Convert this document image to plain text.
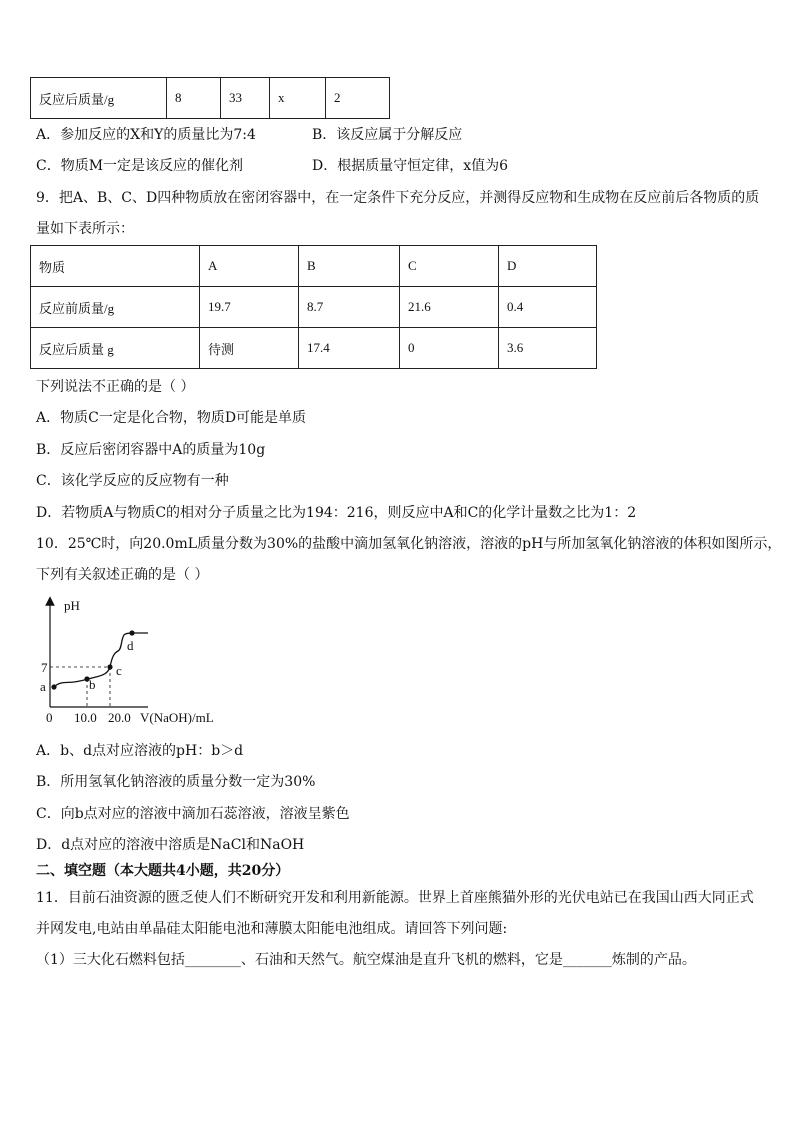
反应后质量/g	8	33	x	2
A．参加反应的X和Y的质量比为7:4	B．该反应属于分解反应
C．物质M一定是该反应的催化剂	D．根据质量守恒定律，x值为6
9．把A、B、C、D四种物质放在密闭容器中，在一定条件下充分反应，并测得反应物和生成物在反应前后各物质的质
量如下表所示：
物质	A	B	C	D
反应前质量/g	19.7	8.7	21.6	0.4
反应后质量 g	待测	17.4	0	3.6
下列说法不正确的是（ ）
A．物质C一定是化合物，物质D可能是单质
B．反应后密闭容器中A的质量为10g
C．该化学反应的反应物有一种
D．若物质A与物质C的相对分子质量之比为194：216，则反应中A和C的化学计量数之比为1：2
10．25℃时，向20.0mL质量分数为30%的盐酸中滴加氢氧化钠溶液，溶液的pH与所加氢氧化钠溶液的体积如图所示，
下列有关叙述正确的是（ ）
pH
0
7
10.0 20.0 V(NaOH)/mL
a	b
c
d
A．b、d点对应溶液的pH：b＞d
B．所用氢氧化钠溶液的质量分数一定为30%
C．向b点对应的溶液中滴加石蕊溶液，溶液呈紫色
D．d点对应的溶液中溶质是NaCl和NaOH
二、填空题（本大题共4小题，共20分）
11．目前石油资源的匮乏使人们不断研究开发和利用新能源。世界上首座熊猫外形的光伏电站已在我国山西大同正式
并网发电,电站由单晶硅太阳能电池和薄膜太阳能电池组成。请回答下列问题:
（1）三大化石燃料包括________、石油和天然气。航空煤油是直升飞机的燃料，它是_______炼制的产品。
